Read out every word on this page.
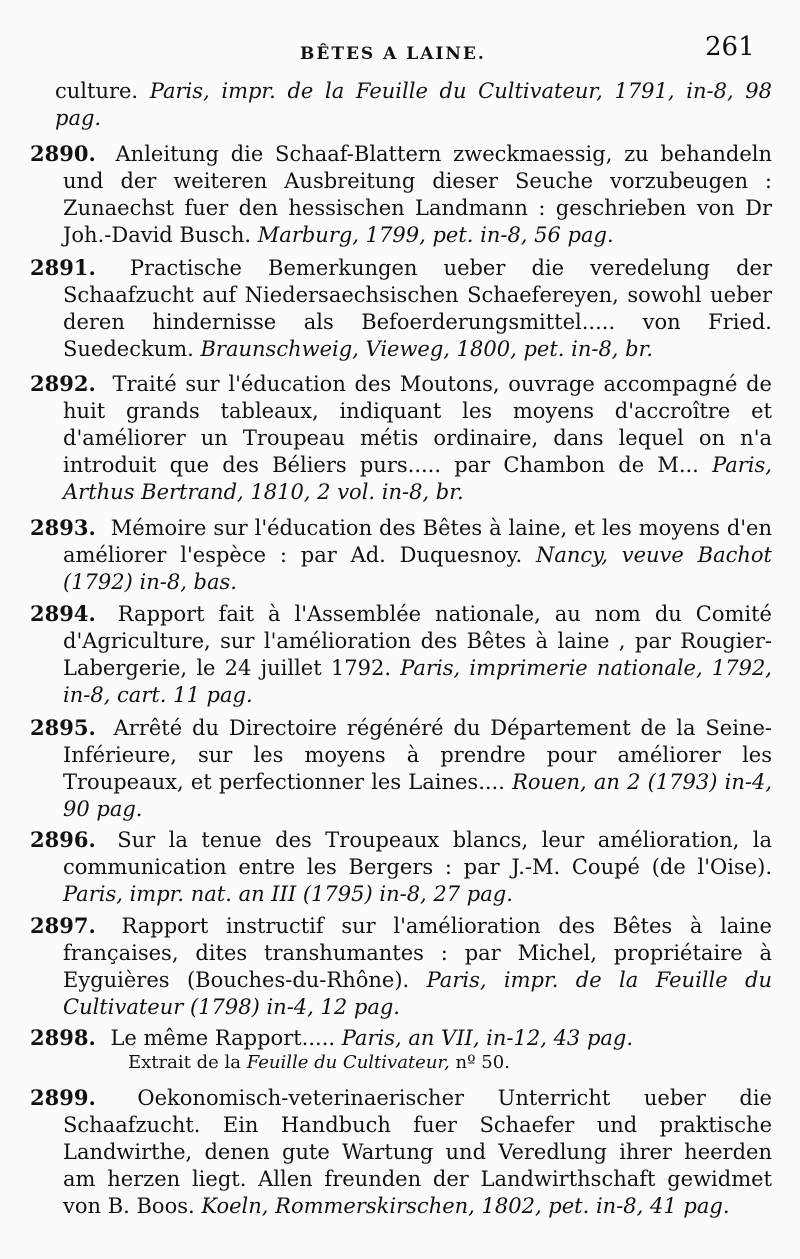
BÊTES A LAINE.	261
culture. Paris, impr. de la Feuille du Cultivateur, 1791, in-8, 98 pag.
2890. Anleitung die Schaaf-Blattern zweckmaessig, zu behandeln und der weiteren Ausbreitung dieser Seuche vorzubeugen : Zunaechst fuer den hessischen Landmann : geschrieben von Dr Joh.-David Busch. Marburg, 1799, pet. in-8, 56 pag.
2891. Practische Bemerkungen ueber die veredelung der Schaafzucht auf Niedersaechsischen Schaefereyen, sowohl ueber deren hindernisse als Befoerderungsmittel..... von Fried. Suedeckum. Braunschweig, Vieweg, 1800, pet. in-8, br.
2892. Traité sur l'éducation des Moutons, ouvrage accompagné de huit grands tableaux, indiquant les moyens d'accroître et d'améliorer un Troupeau métis ordinaire, dans lequel on n'a introduit que des Béliers purs..... par Chambon de M... Paris, Arthus Bertrand, 1810, 2 vol. in-8, br.
2893. Mémoire sur l'éducation des Bêtes à laine, et les moyens d'en améliorer l'espèce : par Ad. Duquesnoy. Nancy, veuve Bachot (1792) in-8, bas.
2894. Rapport fait à l'Assemblée nationale, au nom du Comité d'Agriculture, sur l'amélioration des Bêtes à laine , par Rougier-Labergerie, le 24 juillet 1792. Paris, imprimerie nationale, 1792, in-8, cart. 11 pag.
2895. Arrêté du Directoire régénéré du Département de la Seine-Inférieure, sur les moyens à prendre pour améliorer les Troupeaux, et perfectionner les Laines.... Rouen, an 2 (1793) in-4, 90 pag.
2896. Sur la tenue des Troupeaux blancs, leur amélioration, la communication entre les Bergers : par J.-M. Coupé (de l'Oise). Paris, impr. nat. an III (1795) in-8, 27 pag.
2897. Rapport instructif sur l'amélioration des Bêtes à laine françaises, dites transhumantes : par Michel, propriétaire à Eyguières (Bouches-du-Rhône). Paris, impr. de la Feuille du Cultivateur (1798) in-4, 12 pag.
2898. Le même Rapport..... Paris, an VII, in-12, 43 pag.
Extrait de la Feuille du Cultivateur, nº 50.
2899. Oekonomisch-veterinaerischer Unterricht ueber die Schaafzucht. Ein Handbuch fuer Schaefer und praktische Landwirthe, denen gute Wartung und Veredlung ihrer heerden am herzen liegt. Allen freunden der Landwirthschaft gewidmet von B. Boos. Koeln, Rommerskirschen, 1802, pet. in-8, 41 pag.
